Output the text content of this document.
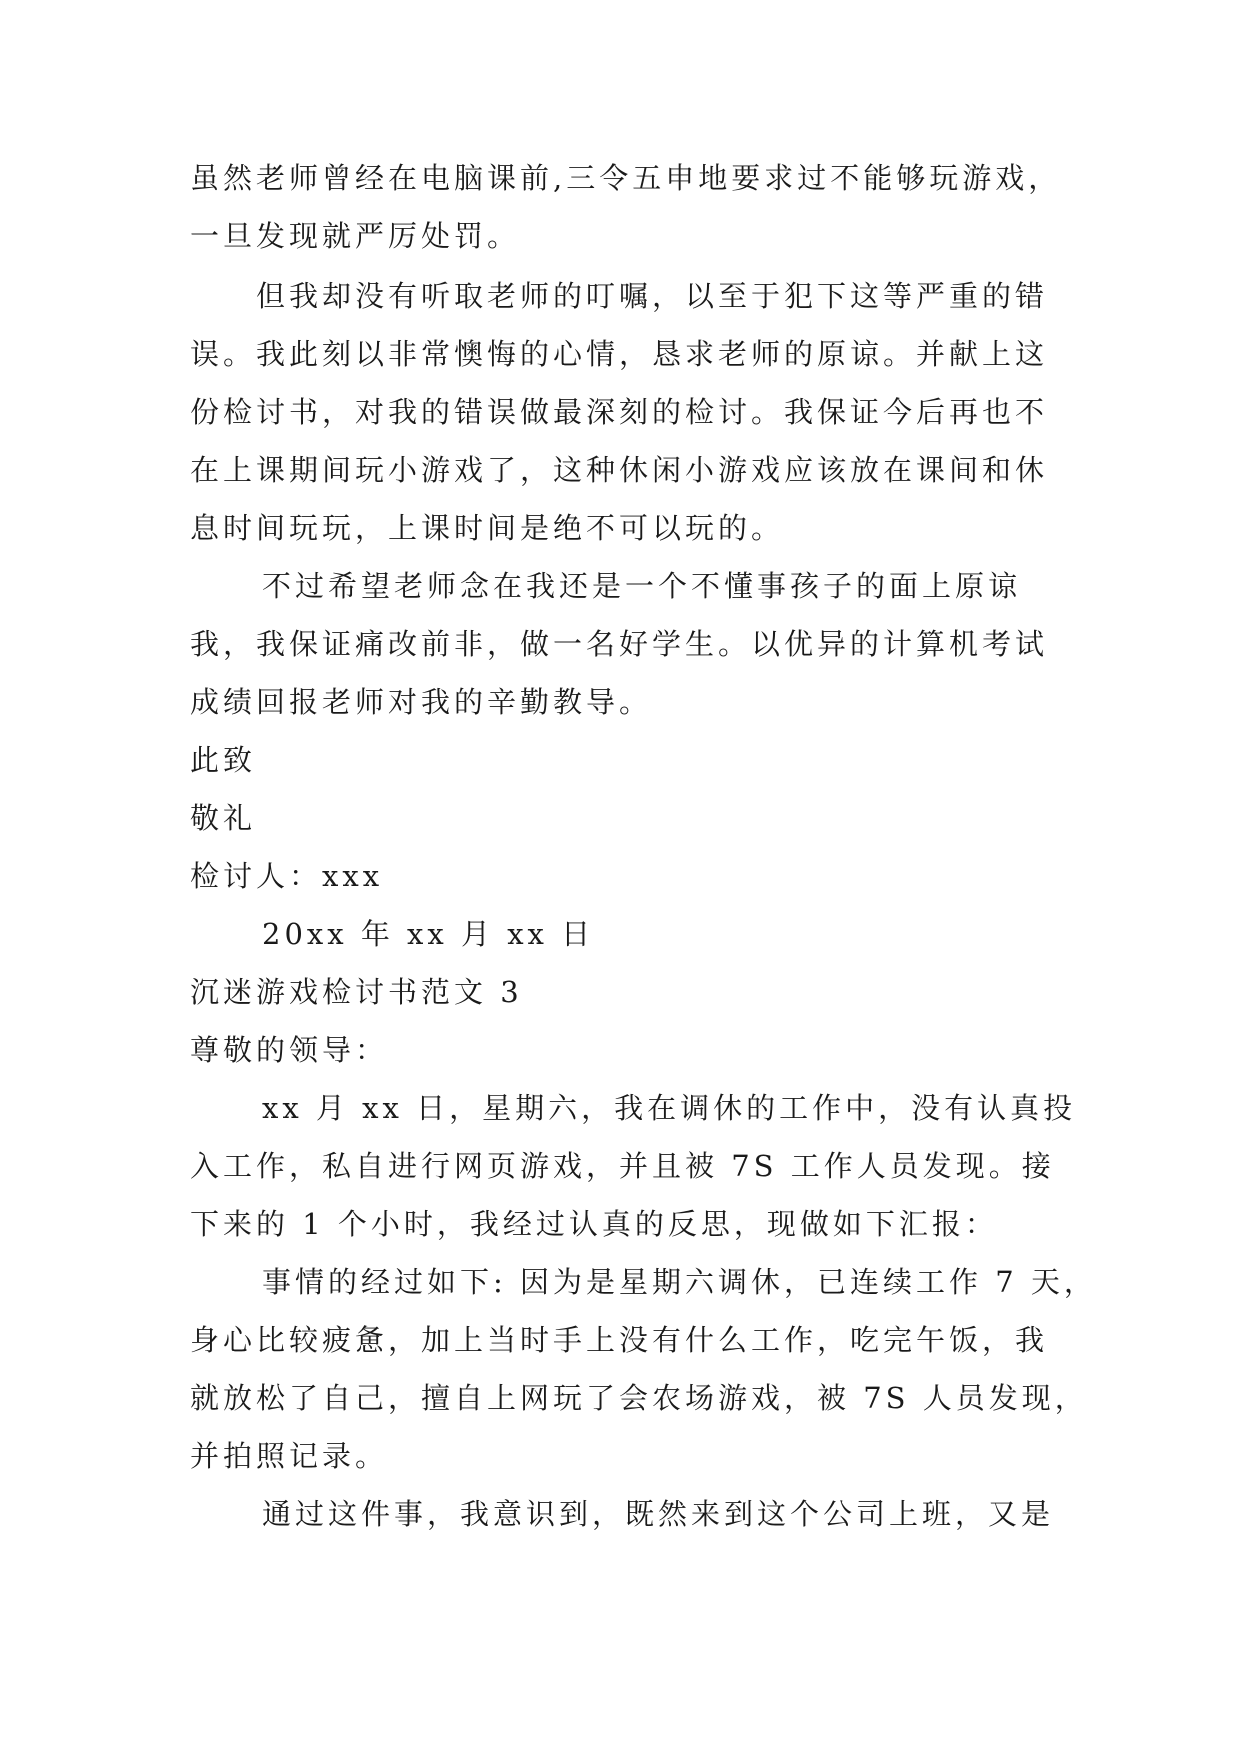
虽然老师曾经在电脑课前,三令五申地要求过不能够玩游戏，
一旦发现就严厉处罚。
但我却没有听取老师的叮嘱，以至于犯下这等严重的错
误。我此刻以非常懊悔的心情，恳求老师的原谅。并献上这
份检讨书，对我的错误做最深刻的检讨。我保证今后再也不
在上课期间玩小游戏了，这种休闲小游戏应该放在课间和休
息时间玩玩，上课时间是绝不可以玩的。
不过希望老师念在我还是一个不懂事孩子的面上原谅
我，我保证痛改前非，做一名好学生。以优异的计算机考试
成绩回报老师对我的辛勤教导。
此致
敬礼
检讨人：xxx
20xx 年 xx 月 xx 日
沉迷游戏检讨书范文 3
尊敬的领导：
xx 月 xx 日，星期六，我在调休的工作中，没有认真投
入工作，私自进行网页游戏，并且被 7S 工作人员发现。接
下来的 1 个小时，我经过认真的反思，现做如下汇报：
事情的经过如下: 因为是星期六调休，已连续工作 7 天，
身心比较疲惫，加上当时手上没有什么工作，吃完午饭，我
就放松了自己，擅自上网玩了会农场游戏，被 7S 人员发现，
并拍照记录。
通过这件事，我意识到，既然来到这个公司上班，又是
